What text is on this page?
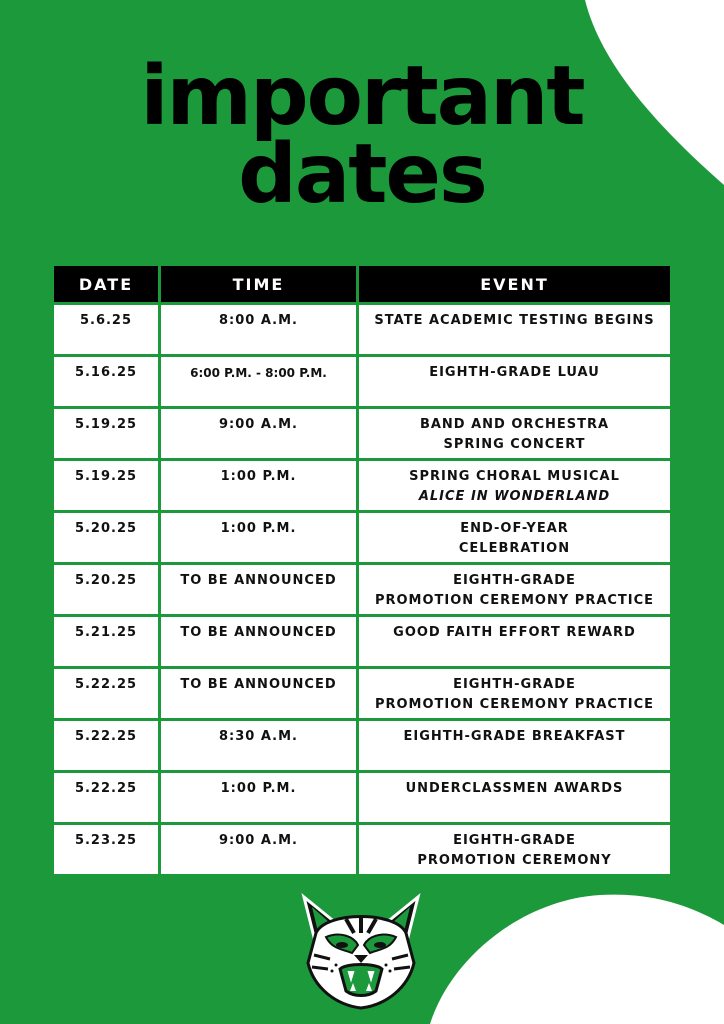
important
dates
DATE	TIME	EVENT
5.6.25	8:00 A.M.	STATE ACADEMIC TESTING BEGINS

5.16.25	6:00 P.M. - 8:00 P.M.	EIGHTH-GRADE LUAU

5.19.25	9:00 A.M.	BAND AND ORCHESTRA
SPRING CONCERT

5.19.25	1:00 P.M.	SPRING CHORAL MUSICAL
ALICE IN WONDERLAND

5.20.25	1:00 P.M.	END-OF-YEAR
CELEBRATION

5.20.25	TO BE ANNOUNCED	EIGHTH-GRADE
PROMOTION CEREMONY PRACTICE

5.21.25	TO BE ANNOUNCED	GOOD FAITH EFFORT REWARD

5.22.25	TO BE ANNOUNCED	EIGHTH-GRADE
PROMOTION CEREMONY PRACTICE

5.22.25	8:30 A.M.	EIGHTH-GRADE BREAKFAST

5.22.25	1:00 P.M.	UNDERCLASSMEN AWARDS

5.23.25	9:00 A.M.	EIGHTH-GRADE
PROMOTION CEREMONY
